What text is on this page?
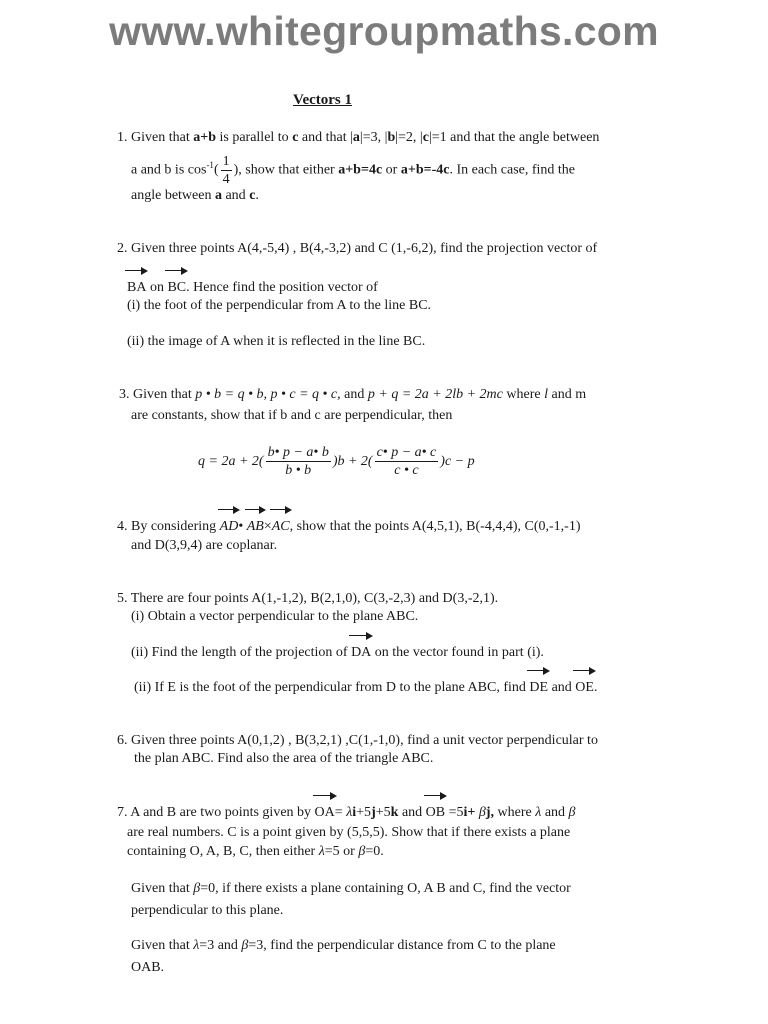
www.whitegroupmaths.com
Vectors 1
1. Given that a+b is parallel to c and that |a|=3, |b|=2, |c|=1 and that the angle between
a and b is $\cos^{-1}( \frac{1}{4}$ ), show that either a+b=4c or a+b=-4c. In each case, find the
angle between a and c.
2. Given three points A(4,-5,4) , B(4,-3,2) and C (1,-6,2), find the projection vector of
BA on
BC. Hence find the position vector of
(i) the foot of the perpendicular from A to the line BC.
(ii) the image of A when it is reflected in the line BC.
3. Given that p • b = q • b, p • c = q • c, and p + q = 2a + 2lb + 2mc where l and m
are constants, show that if b and c are perpendicular, then
$q = 2a + 2( \frac{b• p - a• b}{b • b} )b + 2( \frac{c• p - a• c}{c • c} )c - p$
4. By considering
AD• AB×
AC, show that the points A(4,5,1), B(-4,4,4), C(0,-1,-1)
and D(3,9,4) are coplanar.
5. There are four points A(1,-1,2), B(2,1,0), C(3,-2,3) and D(3,-2,1).
(i) Obtain a vector perpendicular to the plane ABC.
(ii) Find the length of the projection of
DA on the vector found in part (i).
(ii) If E is the foot of the perpendicular from D to the plane ABC, find
DE and
OE.
6. Given three points A(0,1,2) , B(3,2,1) ,C(1,-1,0), find a unit vector perpendicular to
the plan ABC. Find also the area of the triangle ABC.
7. A and B are two points given by
OA= λi+5j+5k and
OB =5i+ βj, where λ and β
are real numbers. C is a point given by (5,5,5). Show that if there exists a plane
containing O, A, B, C, then either λ=5 or β=0.
Given that β=0, if there exists a plane containing O, A B and C, find the vector
perpendicular to this plane.
Given that λ=3 and β=3, find the perpendicular distance from C to the plane
OAB.
